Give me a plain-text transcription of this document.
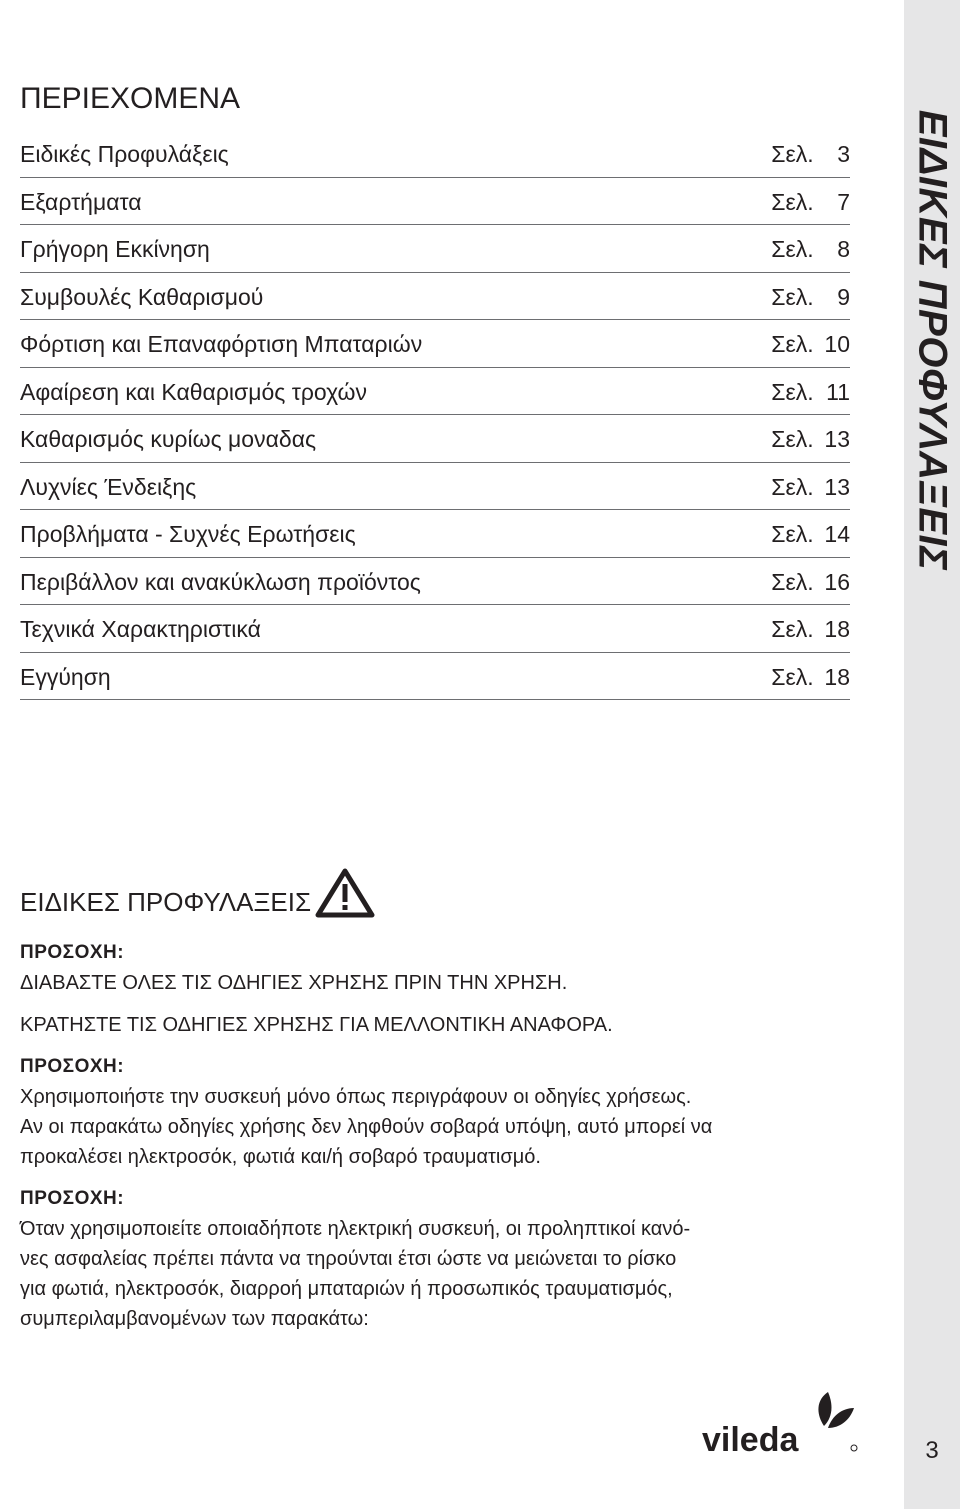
ΕΙΔΙΚΕΣ ΠΡΟΦΥΛΑΞΕΙΣ
3
ΠΕΡΙΕΧΟΜΕΝΑ
Ειδικές Προφυλάξεις	Σελ. 3
Εξαρτήματα	Σελ. 7
Γρήγορη Εκκίνηση	Σελ. 8
Συμβουλές Καθαρισμού	Σελ. 9
Φόρτιση και Επαναφόρτιση Μπαταριών	Σελ. 10
Αφαίρεση και Καθαρισμός τροχών	Σελ. 11
Καθαρισμός κυρίως μοναδας	Σελ. 13
Λυχνίες Ένδειξης	Σελ. 13
Προβλήματα - Συχνές Ερωτήσεις	Σελ. 14
Περιβάλλον και ανακύκλωση προϊόντος	Σελ. 16
Τεχνικά Χαρακτηριστικά	Σελ. 18
Εγγύηση	Σελ. 18
ΕΙΔΙΚΕΣ ΠΡΟΦΥΛΑΞΕΙΣ

ΠΡΟΣΟΧΗ:

ΔΙΑΒΑΣΤΕ ΟΛΕΣ ΤΙΣ ΟΔΗΓΙΕΣ ΧΡΗΣΗΣ ΠΡΙΝ ΤΗΝ ΧΡΗΣΗ.

ΚΡΑΤΗΣΤΕ ΤΙΣ ΟΔΗΓΙΕΣ ΧΡΗΣΗΣ ΓΙΑ ΜΕΛΛΟΝΤΙΚΗ ΑΝΑΦΟΡΑ.

ΠΡΟΣΟΧΗ:

Χρησιμοποιήστε την συσκευή μόνο όπως περιγράφουν οι οδηγίες χρήσεως.

Αν οι παρακάτω οδηγίες χρήσης δεν ληφθούν σοβαρά υπόψη, αυτό μπορεί να

προκαλέσει ηλεκτροσόκ, φωτιά και/ή σοβαρό τραυματισμό.

ΠΡΟΣΟΧΗ:

Όταν χρησιμοποιείτε οποιαδήποτε ηλεκτρική συσκευή, οι προληπτικοί κανό-

νες ασφαλείας πρέπει πάντα να τηρούνται έτσι ώστε να μειώνεται το ρίσκο

για φωτιά, ηλεκτροσόκ, διαρροή μπαταριών ή προσωπικός τραυματισμός,

συμπεριλαμβανομένων των παρακάτω:

vileda
